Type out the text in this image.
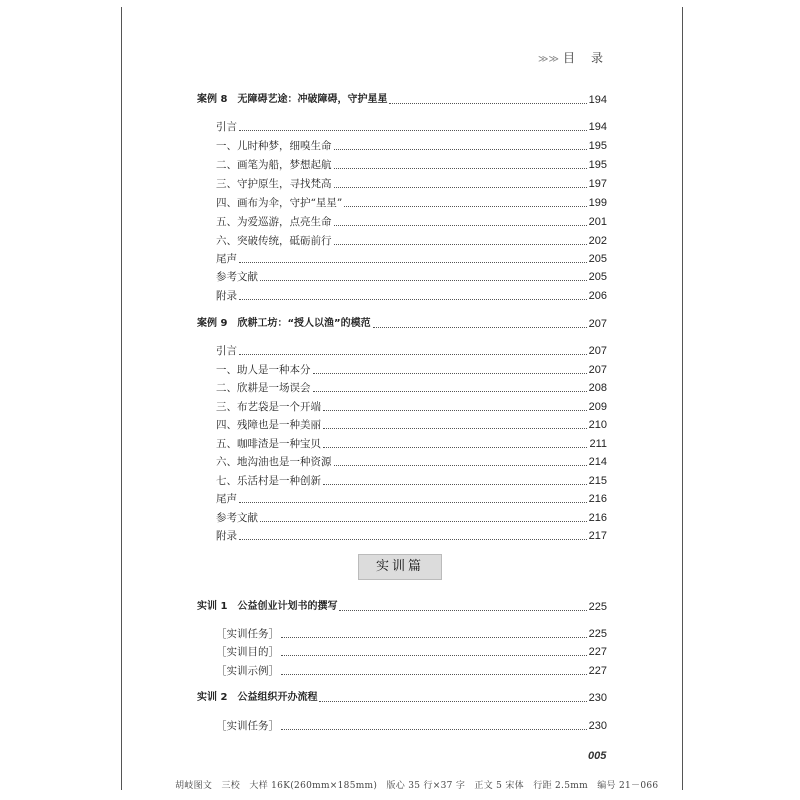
≫≫ 目　录
案例 8 无障碍艺途：冲破障碍，守护星星	194
引言	194
一、儿时种梦，细嗅生命	195
二、画笔为船，梦想起航	195
三、守护原生，寻找梵高	197
四、画布为伞，守护“星星”	199
五、为爱巡游，点亮生命	201
六、突破传统，砥砺前行	202
尾声	205
参考文献	205
附录	206
案例 9 欣耕工坊：“授人以渔”的模范	207
引言	207
一、助人是一种本分	207
二、欣耕是一场误会	208
三、布艺袋是一个开端	209
四、残障也是一种美丽	210
五、咖啡渣是一种宝贝	211
六、地沟油也是一种资源	214
七、乐活村是一种创新	215
尾声	216
参考文献	216
附录	217
实训篇
实训 1 公益创业计划书的撰写	225
［实训任务］	225
［实训目的］	227
［实训示例］	227
实训 2 公益组织开办流程	230
［实训任务］	230
005
胡岐图文　三校　大样 16K(260mm×185mm)　版心 35 行×37 字　正文 5 宋体　行距 2.5mm　编号 21－066
